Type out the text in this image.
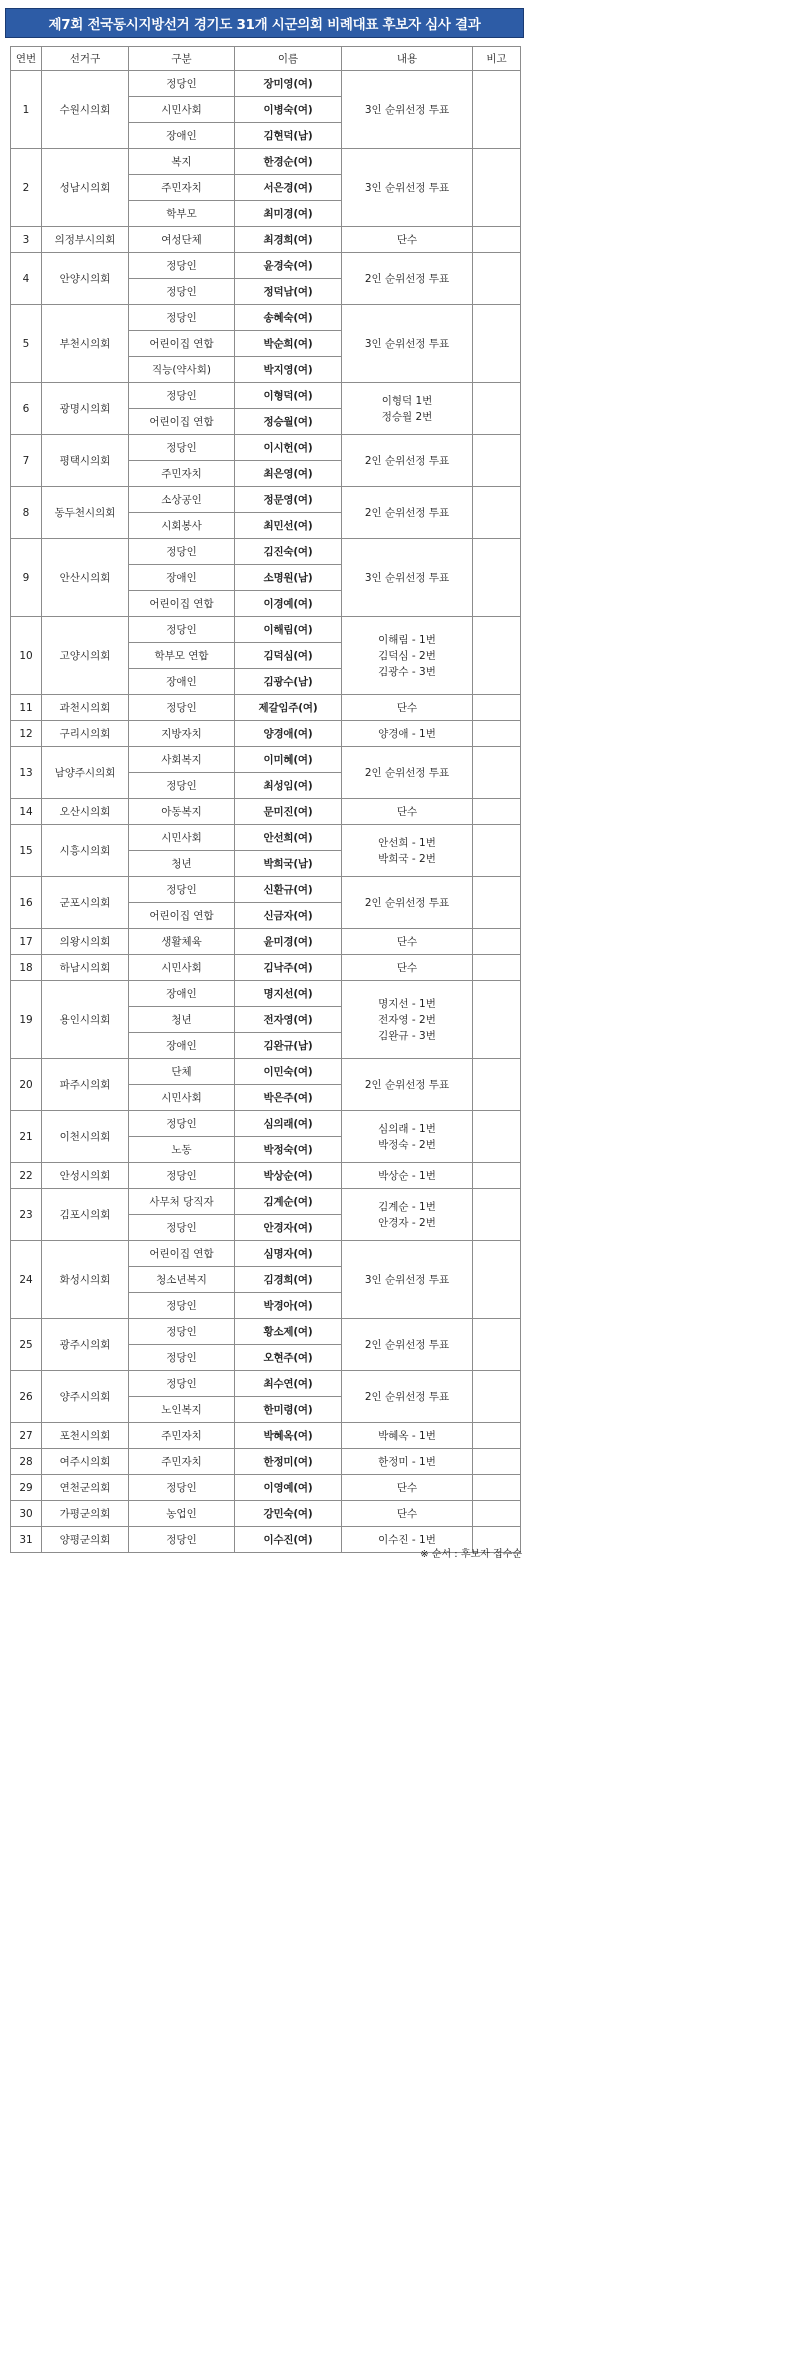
제7회 전국동시지방선거 경기도 31개 시군의회 비례대표 후보자 심사 결과
연번	선거구	구분	이름	내용	비고
1	수원시의회	정당인	장미영(여)	3인 순위선정 투표	

		시민사회	이병숙(여)		
		장애인	김현덕(남)		
2	성남시의회	복지	한경순(여)	3인 순위선정 투표	

		주민자치	서은경(여)		
		학부모	최미경(여)		
3	의정부시의회	여성단체	최경희(여)	단수	

4	안양시의회	정당인	윤경숙(여)	2인 순위선정 투표	

		정당인	정덕남(여)		
5	부천시의회	정당인	송혜숙(여)	3인 순위선정 투표	

		어린이집 연합	박순희(여)		
		직능(약사회)	박지영(여)		
6	광명시의회	정당인	이형덕(여)	이형덕 1번
정승월 2번	

		어린이집 연합	정승월(여)		
7	평택시의회	정당인	이시헌(여)	2인 순위선정 투표	

		주민자치	최은영(여)		
8	동두천시의회	소상공인	정문영(여)	2인 순위선정 투표	

		시회봉사	최민선(여)		
9	안산시의회	정당인	김진숙(여)	3인 순위선정 투표	

		장애인	소명원(남)		
		어린이집 연합	이경예(여)		
10	고양시의회	정당인	이해림(여)	이해림 - 1번
김덕심 - 2번
김광수 - 3번	

		학부모 연합	김덕심(여)		
		장애인	김광수(남)		
11	과천시의회	정당인	제갈임주(여)	단수	

12	구리시의회	지방자치	양경애(여)	양경애 - 1번	

13	남양주시의회	사회복지	이미혜(여)	2인 순위선정 투표	

		정당인	최성임(여)		
14	오산시의회	아동복지	문미진(여)	단수	

15	시흥시의회	시민사회	안선희(여)	안선희 - 1번
박희국 - 2번	

		청년	박희국(남)		
16	군포시의회	정당인	신환규(여)	2인 순위선정 투표	

		어린이집 연합	신금자(여)		
17	의왕시의회	생활체육	윤미경(여)	단수	

18	하남시의회	시민사회	김낙주(여)	단수	

19	용인시의회	장애인	명지선(여)	명지선 - 1번
전자영 - 2번
김완규 - 3번	

		청년	전자영(여)		
		장애인	김완규(남)		
20	파주시의회	단체	이민숙(여)	2인 순위선정 투표	

		시민사회	박은주(여)		
21	이천시의회	정당인	심의래(여)	심의래 - 1번
박정숙 - 2번	

		노동	박정숙(여)		
22	안성시의회	정당인	박상순(여)	박상순 - 1번	

23	김포시의회	사무처 당직자	김계순(여)	김계순 - 1번
안경자 - 2번	

		정당인	안경자(여)		
24	화성시의회	어린이집 연합	심명자(여)	3인 순위선정 투표	

		청소년복지	김경희(여)		
		정당인	박경아(여)		
25	광주시의회	정당인	황소제(여)	2인 순위선정 투표	

		정당인	오현주(여)		
26	양주시의회	정당인	최수연(여)	2인 순위선정 투표	

		노인복지	한미령(여)		
27	포천시의회	주민자치	박혜옥(여)	박혜옥 - 1번	

28	여주시의회	주민자치	한정미(여)	한정미 - 1번	

29	연천군의회	정당인	이영예(여)	단수	

30	가평군의회	농업인	강민숙(여)	단수	

31	양평군의회	정당인	이수진(여)	이수진 - 1번	

※ 순서 : 후보자 접수순
